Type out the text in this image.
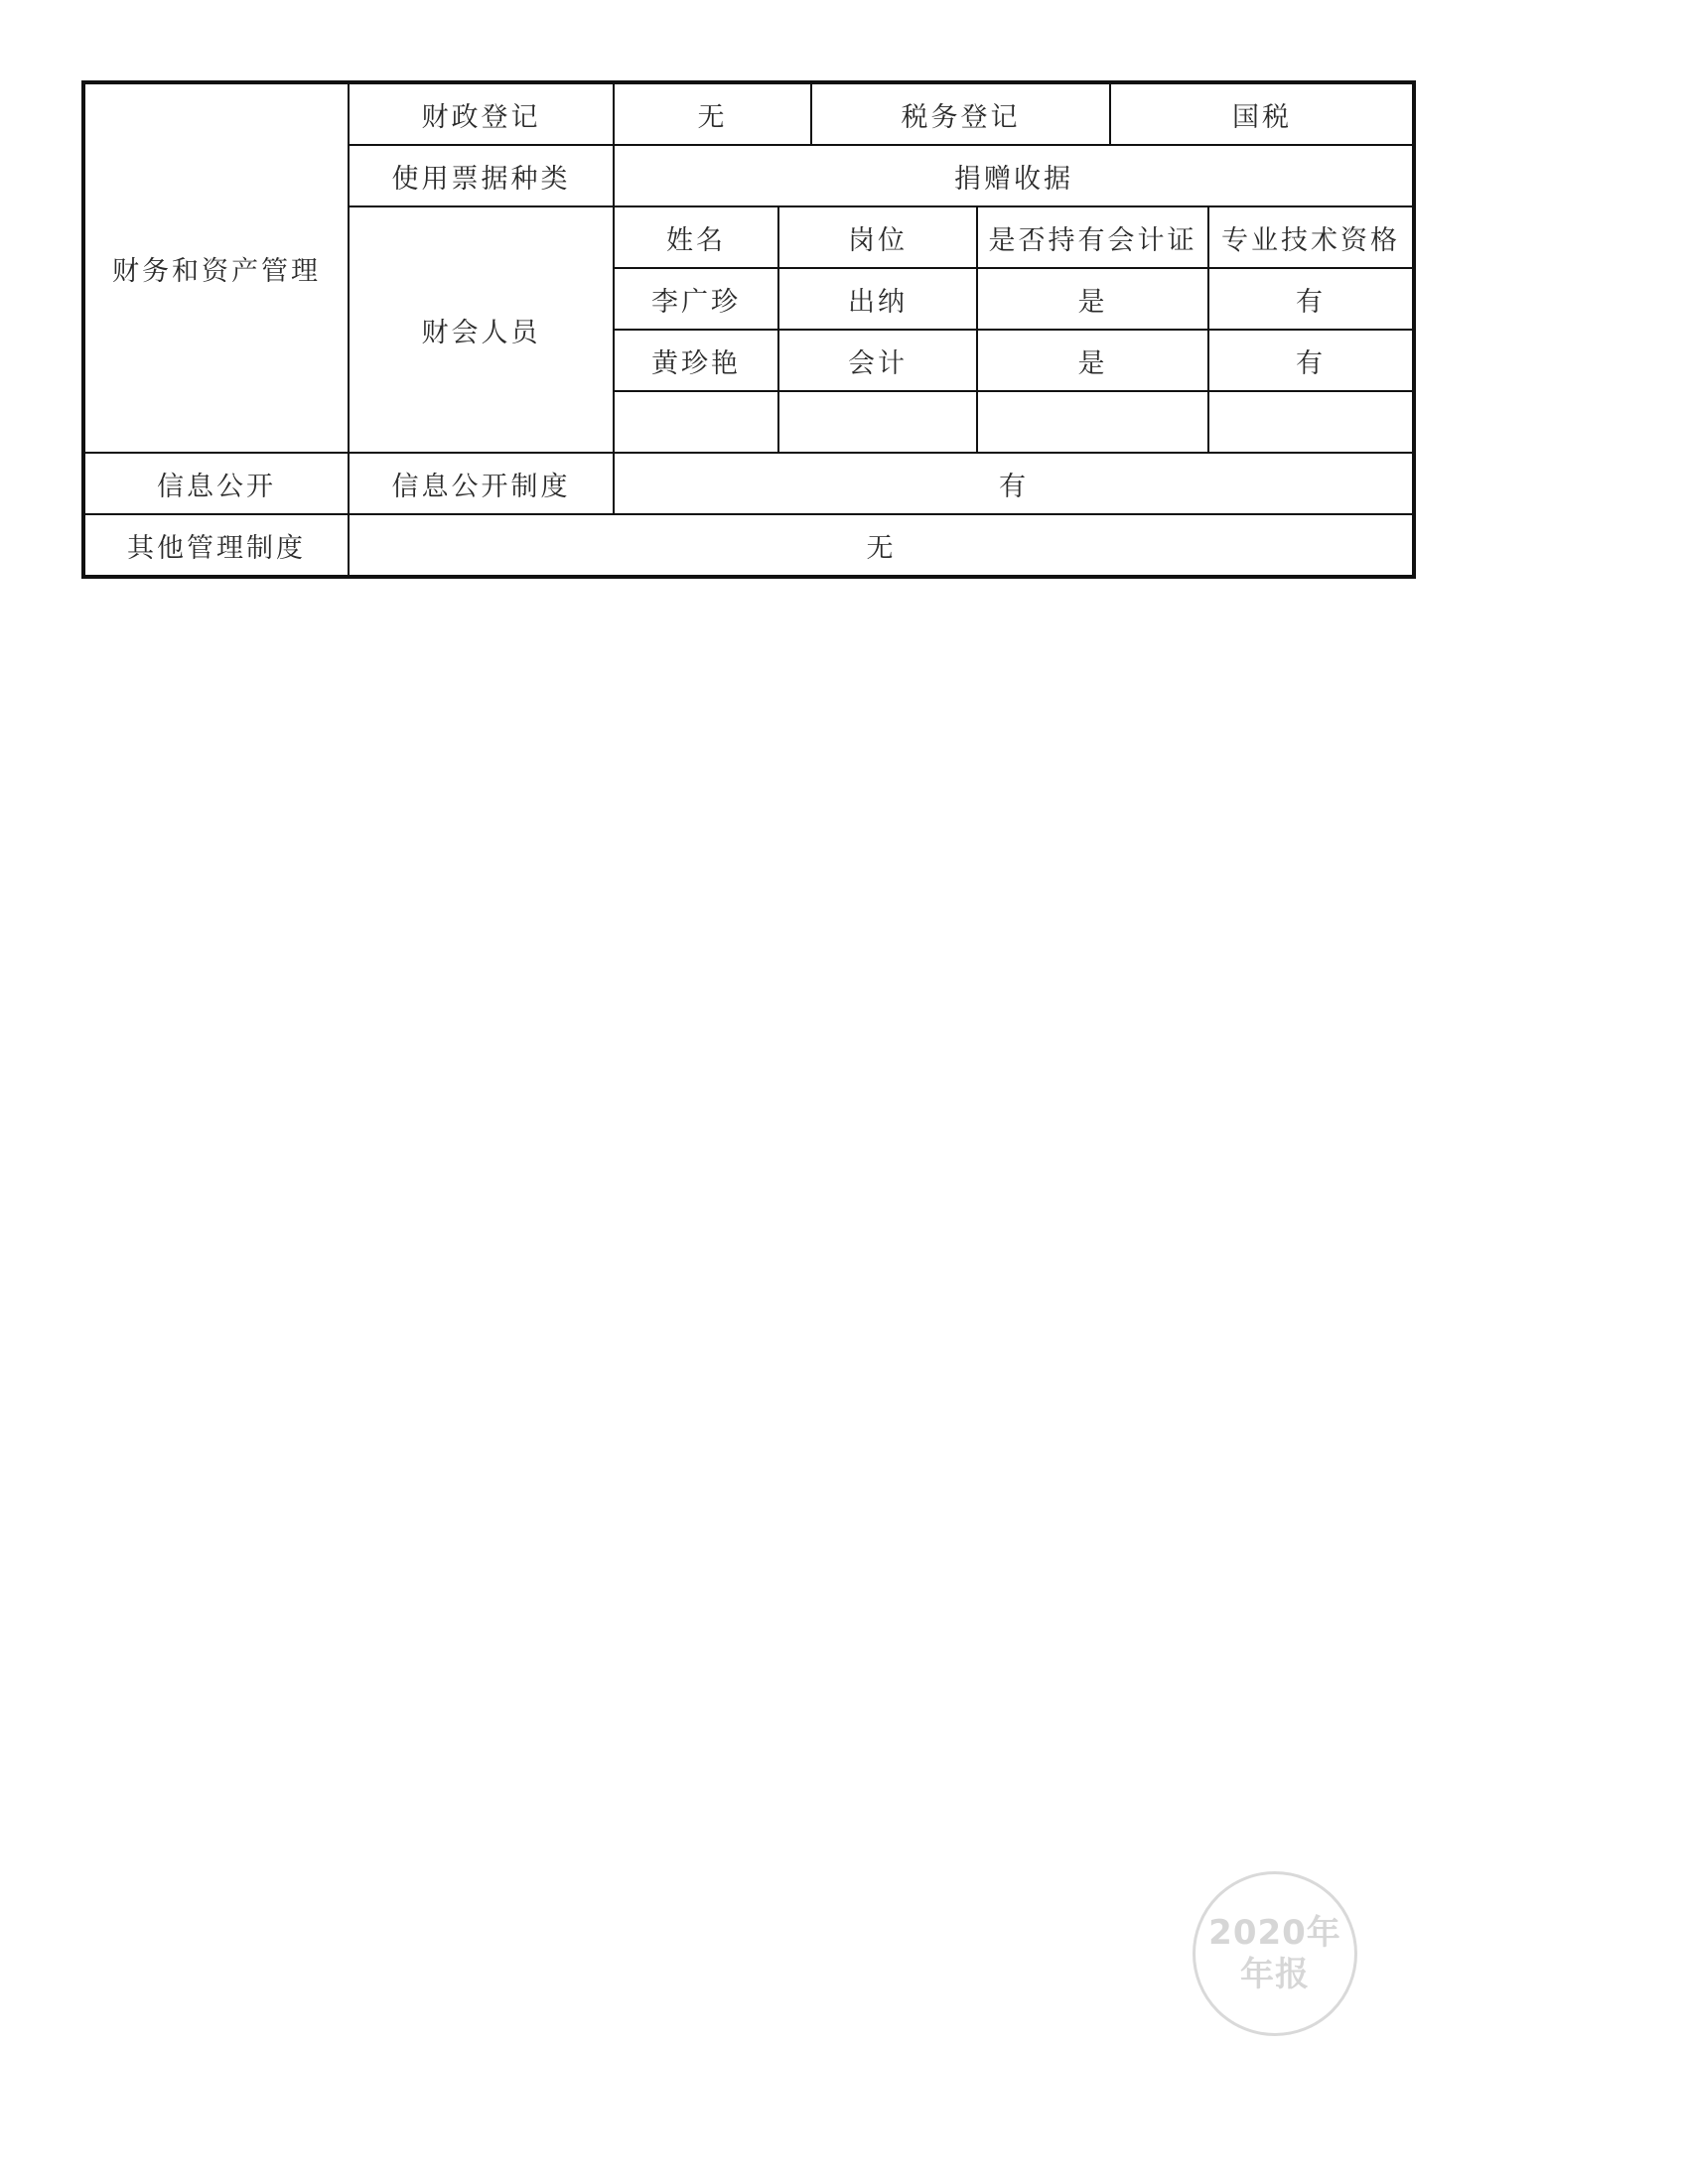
财务和资产管理	财政登记	无		税务登记		国税	
	使用票据种类	捐赠收据					
	财会人员	姓名	岗位		是否持有会计证		专业技术资格
		李广珍	出纳		是		有
		黄珍艳	会计		是		有

信息公开	信息公开制度	有					
其他管理制度	无						
2020年
年报
